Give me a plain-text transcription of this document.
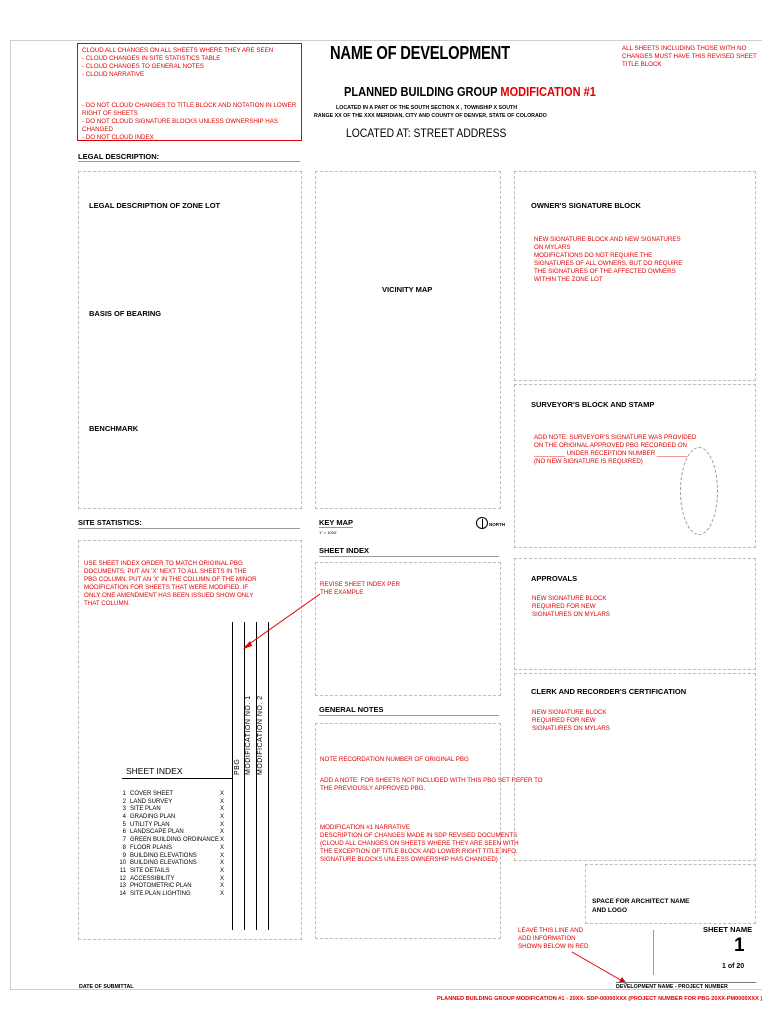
CLOUD ALL CHANGES ON ALL SHEETS WHERE THEY ARE SEEN
- CLOUD CHANGES IN SITE STATISTICS TABLE
- CLOUD CHANGES TO GENERAL NOTES
- CLOUD NARRATIVE
- DO NOT CLOUD CHANGES TO TITLE BLOCK AND NOTATION IN LOWER RIGHT OF SHEETS
- DO NOT CLOUD SIGNATURE BLOCKS UNLESS OWNERSHIP HAS CHANGED
- DO NOT CLOUD INDEX
NAME OF DEVELOPMENT
PLANNED BUILDING GROUP MODIFICATION #1
LOCATED IN A PART OF THE SOUTH SECTION X , TOWNSHIP X SOUTH
RANGE XX OF THE XXX MERIDIAN, CITY AND COUNTY OF DENVER, STATE OF COLORADO
LOCATED AT: STREET ADDRESS
ALL SHEETS INCLUDING THOSE WITH NO
CHANGES MUST HAVE THIS REVISED SHEET
TITLE BLOCK
LEGAL DESCRIPTION:
LEGAL DESCRIPTION OF ZONE LOT
BASIS OF BEARING
BENCHMARK
VICINITY MAP
OWNER'S SIGNATURE BLOCK
NEW SIGNATURE BLOCK AND NEW SIGNATURES
ON MYLARS
MODIFICATIONS DO NOT REQUIRE THE
SIGNATURES OF ALL OWNERS, BUT DO REQUIRE
THE SIGNATURES OF THE AFFECTED OWNERS
WITHIN THE ZONE LOT
SURVEYOR'S BLOCK AND STAMP
ADD NOTE: SURVEYOR'S SIGNATURE WAS PROVIDED
ON THE ORIGINAL APPROVED PBG RECORDED ON
_________ UNDER RECEPTION NUMBER _________
(NO NEW SIGNATURE IS REQUIRED)
SITE STATISTICS:
USE SHEET INDEX ORDER TO MATCH ORIGINAL PBG
DOCUMENTS; PUT AN 'X' NEXT TO ALL SHEETS IN THE
PBG COLUMN. PUT AN 'X' IN THE COLUMN OF THE MINOR
MODIFICATION FOR SHEETS THAT WERE MODIFIED. IF
ONLY ONE AMENDMENT HAS BEEN ISSUED SHOW ONLY
THAT COLUMN.
SHEET INDEX	PBG MODIFICATION NO. 1 MODIFICATION NO. 2
1 COVER SHEET	X
2 LAND SURVEY	X
3 SITE PLAN	X
4 GRADING PLAN	X
5 UTILITY PLAN	X
6 LANDSCAPE PLAN	X
7 GREEN BUILDING ORDINANCE X
8 FLOOR PLANS	X
9 BUILDING ELEVATIONS	X
10 BUILDING ELEVATIONS	X
11 SITE DETAILS	X
12 ACCESSIBILITY	X
13 PHOTOMETRIC PLAN	X
14 SITE PLAN LIGHTING	X
KEY MAP
1" = 1000'
NORTH
SHEET INDEX
REVISE SHEET INDEX PER
THE EXAMPLE
GENERAL NOTES
NOTE RECORDATION NUMBER OF ORIGINAL PBG
ADD A NOTE: FOR SHEETS NOT INCLUDED WITH THIS PBG SET REFER TO
THE PREVIOUSLY APPROVED PBG.
MODIFICATION #1 NARRATIVE
DESCRIPTION OF CHANGES MADE IN SDP REVISED DOCUMENTS
(CLOUD ALL CHANGES ON SHEETS WHERE THEY ARE SEEN WITH
THE EXCEPTION OF TITLE BLOCK AND LOWER RIGHT TITLE INFO.
SIGNATURE BLOCKS UNLESS OWNERSHIP HAS CHANGED)
APPROVALS
NEW SIGNATURE BLOCK
REQUIRED FOR NEW
SIGNATURES ON MYLARS
CLERK AND RECORDER'S CERTIFICATION
NEW SIGNATURE BLOCK
REQUIRED FOR NEW
SIGNATURES ON MYLARS
SPACE FOR ARCHITECT NAME
AND LOGO
LEAVE THIS LINE AND
ADD INFORMATION
SHOWN BELOW IN RED
SHEET NAME
1
1 of 20
DEVELOPMENT NAME - PROJECT NUMBER
PLANNED BUILDING GROUP MODIFICATION #1 - 20XX- SDP-00000XXX (PROJECT NUMBER FOR PBG 20XX-PM0000XXX )
DATE OF SUBMITTAL
